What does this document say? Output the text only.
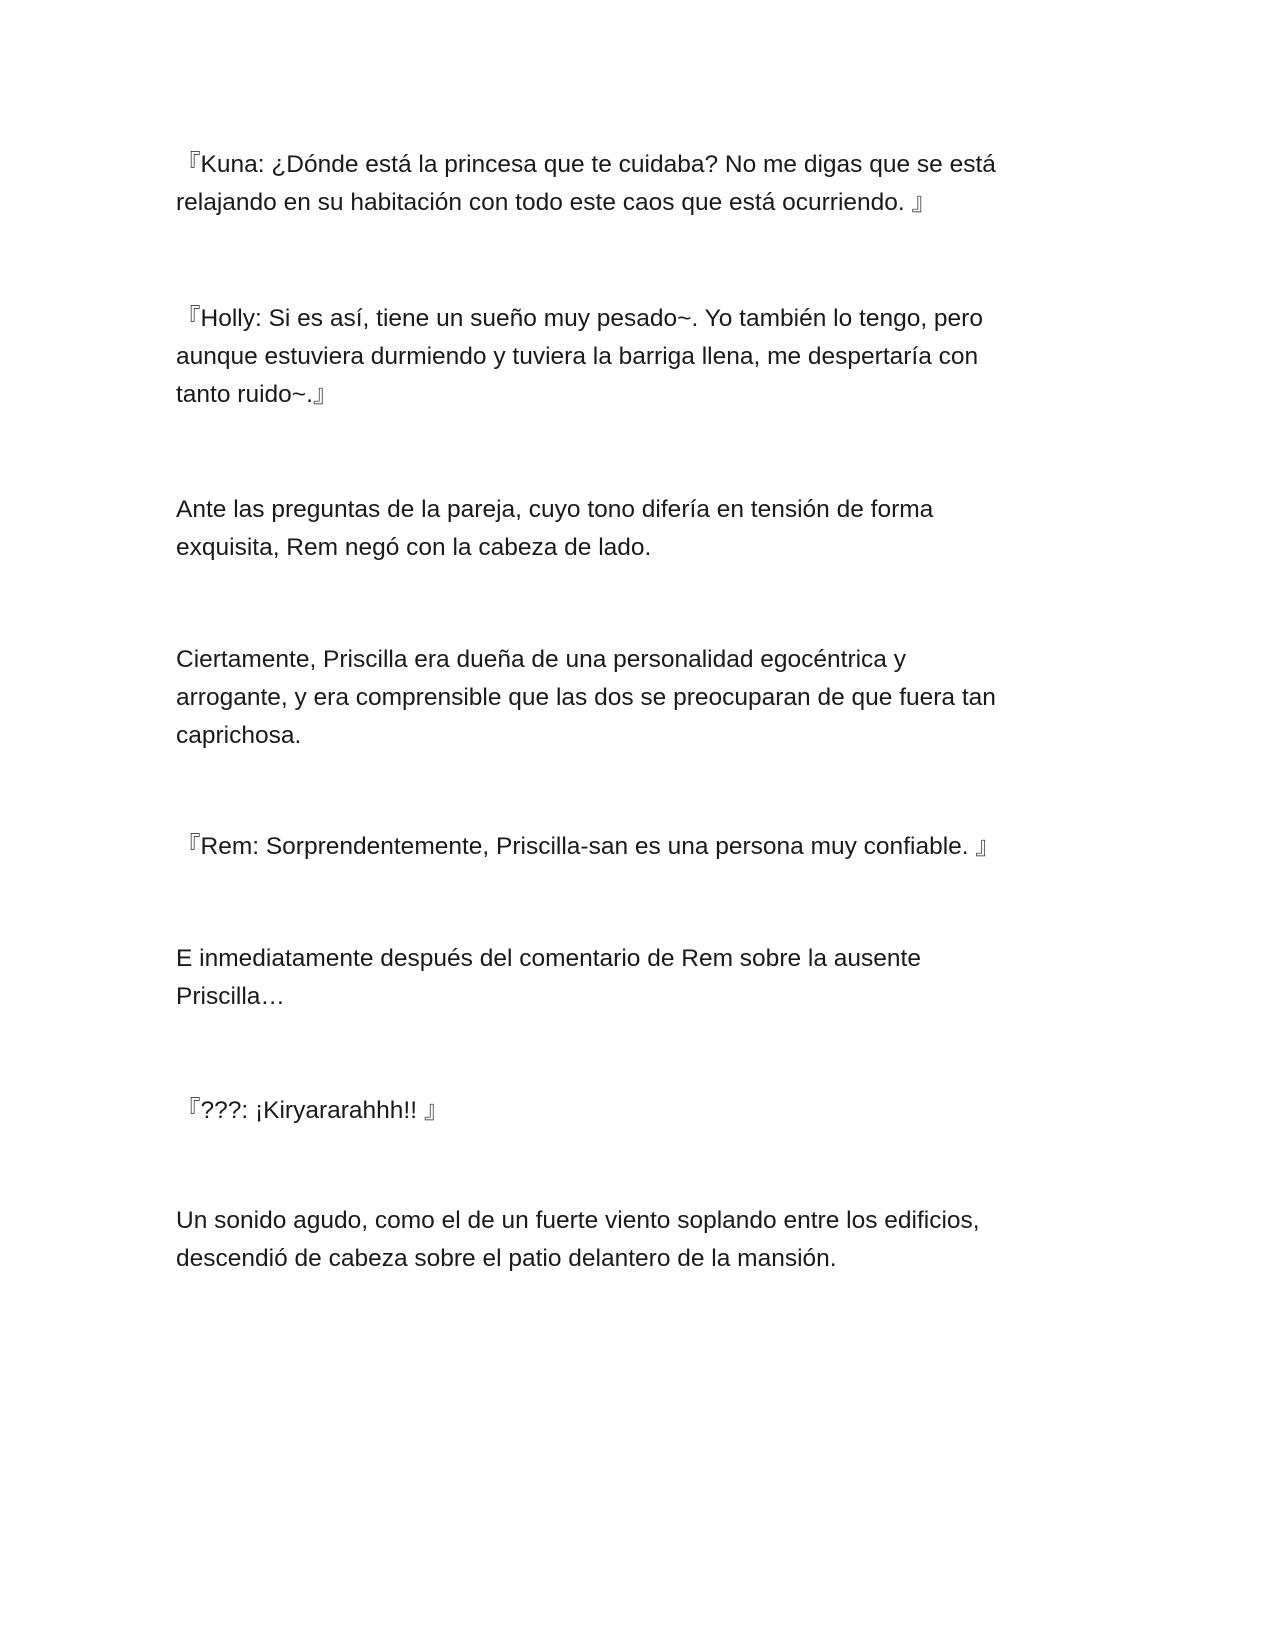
『Kuna: ¿Dónde está la princesa que te cuidaba? No me digas que se está
relajando en su habitación con todo este caos que está ocurriendo. 』

『Holly: Si es así, tiene un sueño muy pesado~. Yo también lo tengo, pero
aunque estuviera durmiendo y tuviera la barriga llena, me despertaría con
tanto ruido~.』

Ante las preguntas de la pareja, cuyo tono difería en tensión de forma
exquisita, Rem negó con la cabeza de lado.

Ciertamente, Priscilla era dueña de una personalidad egocéntrica y
arrogante, y era comprensible que las dos se preocuparan de que fuera tan
caprichosa.

『Rem: Sorprendentemente, Priscilla-san es una persona muy confiable. 』

E inmediatamente después del comentario de Rem sobre la ausente
Priscilla…

『???: ¡Kiryararahhh!! 』

Un sonido agudo, como el de un fuerte viento soplando entre los edificios,
descendió de cabeza sobre el patio delantero de la mansión.
